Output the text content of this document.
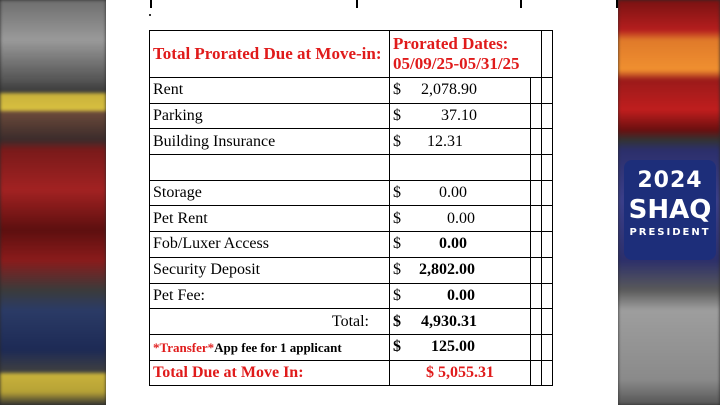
2024
SHAQ
PRESIDENT
Total Prorated Due at Move-in:	Prorated Dates: 05/09/25-05/31/25		
Rent	$ 2,078.90		

Parking	$ 37.10		

Building Insurance	$ 12.31		

Storage	$ 0.00		

Pet Rent	$ 0.00		

Fob/Luxer Access	$ 0.00		

Security Deposit	$ 2,802.00		

Pet Fee:	$ 0.00		

Total:	$ 4,930.31		

*Transfer*App fee for 1 applicant	$ 125.00		

Total Due at Move In:	$ 5,055.31		
